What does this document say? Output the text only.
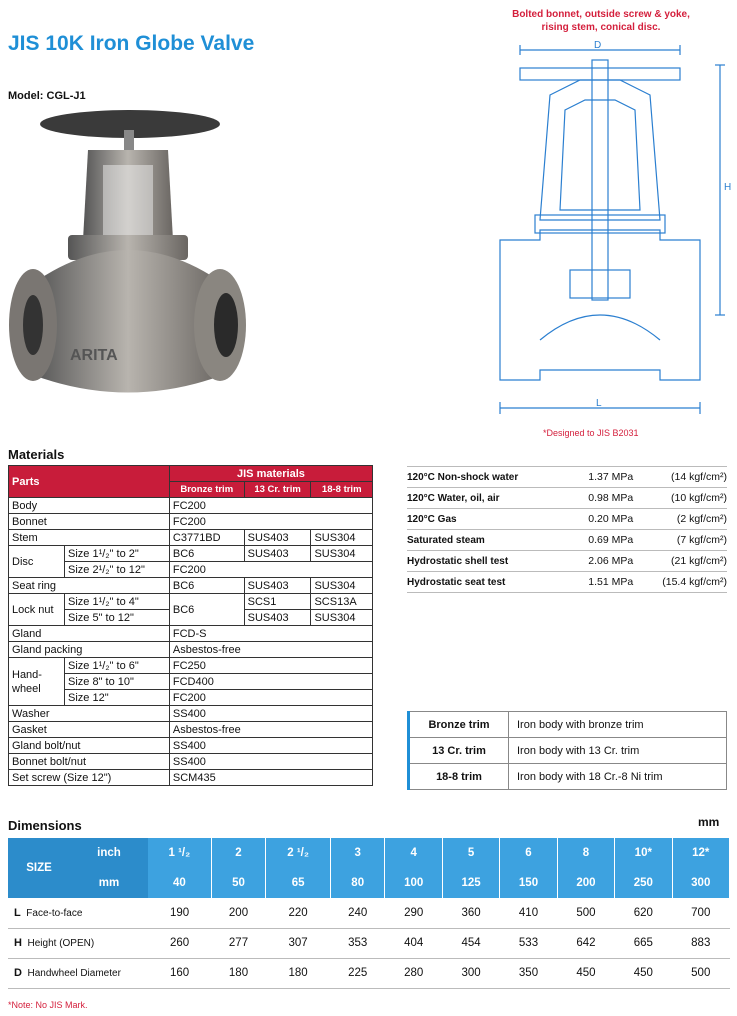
JIS 10K Iron Globe Valve
Model: CGL-J1
ARITA
Bolted bonnet, outside screw & yoke,
rising stem, conical disc.
D
H
L
*Designed to JIS B2031
Materials
Parts		JIS materials		
		Bronze trim	13 Cr. trim	18-8 trim
Body		FC200		
Bonnet		FC200		
Stem		C3771BD	SUS403	SUS304
Disc	Size 1¹/₂" to 2"	BC6	SUS403	SUS304
	Size 2¹/₂" to 12"	FC200		
Seat ring		BC6	SUS403	SUS304
Lock nut	Size 1¹/₂" to 4"	BC6	SCS1	SCS13A
	Size 5" to 12"		SUS403	SUS304
Gland		FCD-S		
Gland packing		Asbestos-free		
Hand-wheel	Size 1¹/₂" to 6"	FC250		
	Size 8" to 10"	FCD400		
	Size 12"	FC200		
Washer		SS400		
Gasket		Asbestos-free		
Gland bolt/nut		SS400		
Bonnet bolt/nut		SS400		
Set screw (Size 12")		SCM435		
120°C Non-shock water	1.37 MPa	(14 kgf/cm²)
120°C Water, oil, air	0.98 MPa	(10 kgf/cm²)
120°C Gas	0.20 MPa	(2 kgf/cm²)
Saturated steam	0.69 MPa	(7 kgf/cm²)
Hydrostatic shell test	2.06 MPa	(21 kgf/cm²)
Hydrostatic seat test	1.51 MPa	(15.4 kgf/cm²)
Bronze trim	Iron body with bronze trim
13 Cr. trim	Iron body with 13 Cr. trim
18-8 trim	Iron body with 18 Cr.-8 Ni trim
Dimensions	mm
SIZE	inch	1 ¹/₂	2	2 ¹/₂	3	4	5	6	8	10*	12*
	mm	40	50	65	80	100	125	150	200	250	300
L Face-to-face		190	200	220	240	290	360	410	500	620	700
H Height (OPEN)		260	277	307	353	404	454	533	642	665	883
D Handwheel Diameter		160	180	180	225	280	300	350	450	450	500
*Note: No JIS Mark.
